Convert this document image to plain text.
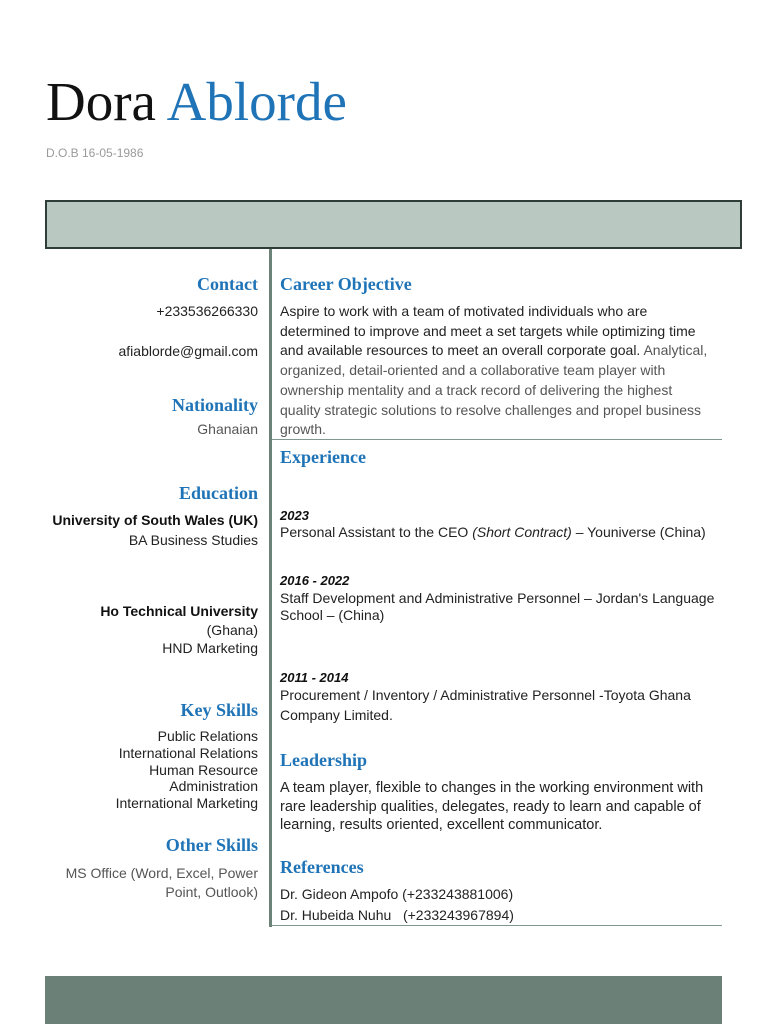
Dora Ablorde
D.O.B 16-05-1986
Contact
+233536266330
afiablorde@gmail.com
Nationality
Ghanaian
Education
University of South Wales (UK)
BA Business Studies
Ho Technical University
(Ghana)
HND Marketing
Key Skills
Public Relations
International Relations
Human Resource
Administration
International Marketing
Other Skills
MS Office (Word, Excel, Power
Point, Outlook)
Career Objective
Aspire to work with a team of motivated individuals who are determined to improve and meet a set targets while optimizing time and available resources to meet an overall corporate goal. Analytical, organized, detail-oriented and a collaborative team player with ownership mentality and a track record of delivering the highest quality strategic solutions to resolve challenges and propel business growth.
Experience
2023
Personal Assistant to the CEO (Short Contract) – Youniverse (China)
2016 - 2022
Staff Development and Administrative Personnel – Jordan's Language School – (China)
2011 - 2014
Procurement / Inventory / Administrative Personnel -Toyota Ghana Company Limited.
Leadership
A team player, flexible to changes in the working environment with rare leadership qualities, delegates, ready to learn and capable of learning, results oriented, excellent communicator.
References
Dr. Gideon Ampofo (+233243881006)
Dr. Hubeida Nuhu   (+233243967894)
